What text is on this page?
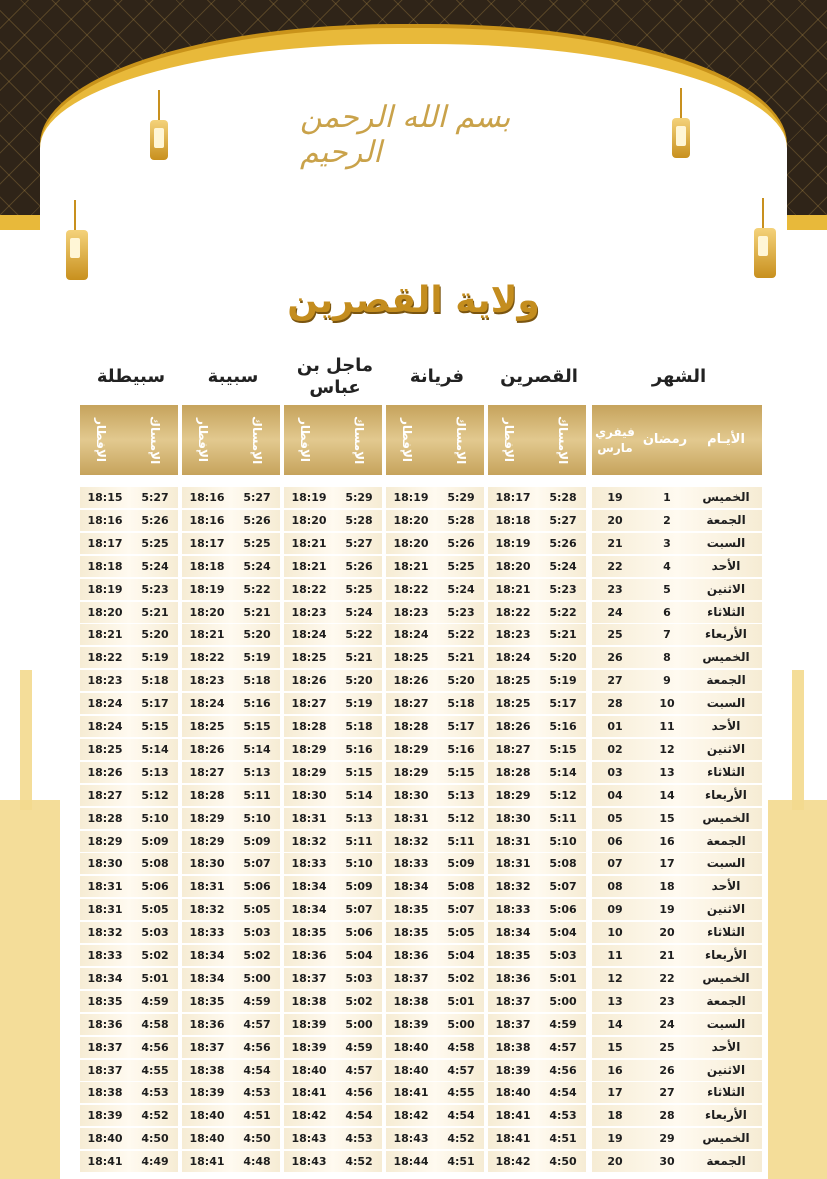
بسم الله الرحمن الرحيم
ولاية القصرين
الشهر
القصرين
فريانة
ماجل بن عباس
سبيبة
سبيطلة
الأيـام
رمضان
فيفري مارس
الإمساك
الإفطار
الإمساك
الإفطار
الإمساك
الإفطار
الإمساك
الإفطار
الإمساك
الإفطار
الخميس
1
19
5:28
18:17
5:29
18:19
5:29
18:19
5:27
18:16
5:27
18:15
الجمعة
2
20
5:27
18:18
5:28
18:20
5:28
18:20
5:26
18:16
5:26
18:16
السبت
3
21
5:26
18:19
5:26
18:20
5:27
18:21
5:25
18:17
5:25
18:17
الأحد
4
22
5:24
18:20
5:25
18:21
5:26
18:21
5:24
18:18
5:24
18:18
الاثنين
5
23
5:23
18:21
5:24
18:22
5:25
18:22
5:22
18:19
5:23
18:19
الثلاثاء
6
24
5:22
18:22
5:23
18:23
5:24
18:23
5:21
18:20
5:21
18:20
الأربعاء
7
25
5:21
18:23
5:22
18:24
5:22
18:24
5:20
18:21
5:20
18:21
الخميس
8
26
5:20
18:24
5:21
18:25
5:21
18:25
5:19
18:22
5:19
18:22
الجمعة
9
27
5:19
18:25
5:20
18:26
5:20
18:26
5:18
18:23
5:18
18:23
السبت
10
28
5:17
18:25
5:18
18:27
5:19
18:27
5:16
18:24
5:17
18:24
الأحد
11
01
5:16
18:26
5:17
18:28
5:18
18:28
5:15
18:25
5:15
18:24
الاثنين
12
02
5:15
18:27
5:16
18:29
5:16
18:29
5:14
18:26
5:14
18:25
الثلاثاء
13
03
5:14
18:28
5:15
18:29
5:15
18:29
5:13
18:27
5:13
18:26
الأربعاء
14
04
5:12
18:29
5:13
18:30
5:14
18:30
5:11
18:28
5:12
18:27
الخميس
15
05
5:11
18:30
5:12
18:31
5:13
18:31
5:10
18:29
5:10
18:28
الجمعة
16
06
5:10
18:31
5:11
18:32
5:11
18:32
5:09
18:29
5:09
18:29
السبت
17
07
5:08
18:31
5:09
18:33
5:10
18:33
5:07
18:30
5:08
18:30
الأحد
18
08
5:07
18:32
5:08
18:34
5:09
18:34
5:06
18:31
5:06
18:31
الاثنين
19
09
5:06
18:33
5:07
18:35
5:07
18:34
5:05
18:32
5:05
18:31
الثلاثاء
20
10
5:04
18:34
5:05
18:35
5:06
18:35
5:03
18:33
5:03
18:32
الأربعاء
21
11
5:03
18:35
5:04
18:36
5:04
18:36
5:02
18:34
5:02
18:33
الخميس
22
12
5:01
18:36
5:02
18:37
5:03
18:37
5:00
18:34
5:01
18:34
الجمعة
23
13
5:00
18:37
5:01
18:38
5:02
18:38
4:59
18:35
4:59
18:35
السبت
24
14
4:59
18:37
5:00
18:39
5:00
18:39
4:57
18:36
4:58
18:36
الأحد
25
15
4:57
18:38
4:58
18:40
4:59
18:39
4:56
18:37
4:56
18:37
الاثنين
26
16
4:56
18:39
4:57
18:40
4:57
18:40
4:54
18:38
4:55
18:37
الثلاثاء
27
17
4:54
18:40
4:55
18:41
4:56
18:41
4:53
18:39
4:53
18:38
الأربعاء
28
18
4:53
18:41
4:54
18:42
4:54
18:42
4:51
18:40
4:52
18:39
الخميس
29
19
4:51
18:41
4:52
18:43
4:53
18:43
4:50
18:40
4:50
18:40
الجمعة
30
20
4:50
18:42
4:51
18:44
4:52
18:43
4:48
18:41
4:49
18:41
